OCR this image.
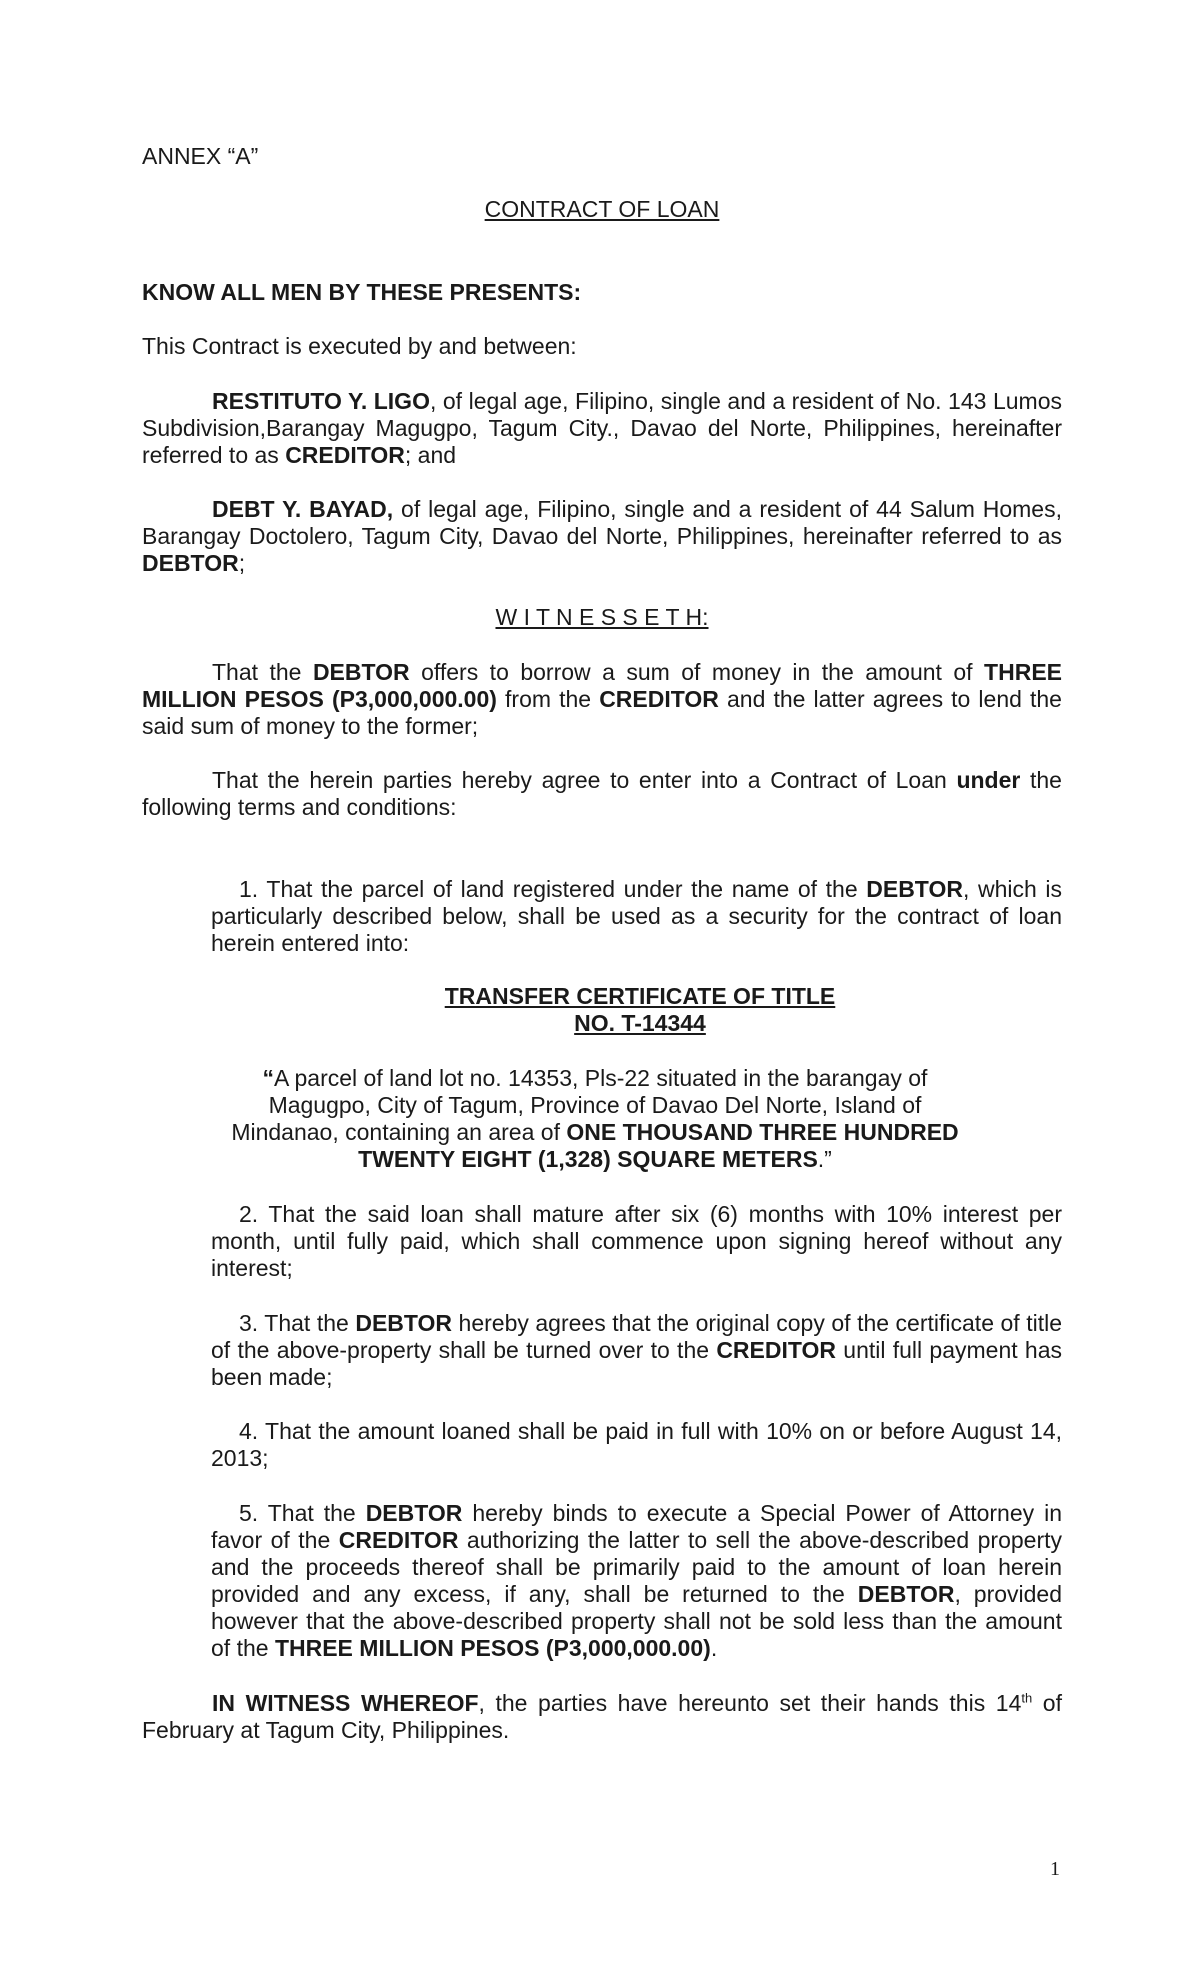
ANNEX “A”

CONTRACT OF LOAN

KNOW ALL MEN BY THESE PRESENTS:

This Contract is executed by and between:

RESTITUTO Y. LIGO, of legal age, Filipino, single and a resident of No. 143 Lumos Subdivision,Barangay Magugpo, Tagum City., Davao del Norte, Philippines, hereinafter referred to as CREDITOR; and

DEBT Y. BAYAD, of legal age, Filipino, single and a resident of 44 Salum Homes, Barangay Doctolero, Tagum City, Davao del Norte, Philippines, hereinafter referred to as DEBTOR;

W I T N E S S E T H:

That the DEBTOR offers to borrow a sum of money in the amount of THREE MILLION PESOS (P3,000,000.00) from the CREDITOR and the latter agrees to lend the said sum of money to the former;

That the herein parties hereby agree to enter into a Contract of Loan under the following terms and conditions:

1. That the parcel of land registered under the name of the DEBTOR, which is particularly described below, shall be used as a security for the contract of loan herein entered into:

TRANSFER CERTIFICATE OF TITLE
NO. T-14344

“A parcel of land lot no. 14353, Pls-22 situated in the barangay of Magugpo, City of Tagum, Province of Davao Del Norte, Island of Mindanao, containing an area of ONE THOUSAND THREE HUNDRED TWENTY EIGHT (1,328) SQUARE METERS.”

2. That the said loan shall mature after six (6) months with 10% interest per month, until fully paid, which shall commence upon signing hereof without any interest;
3. That the DEBTOR hereby agrees that the original copy of the certificate of title of the above-property shall be turned over to the CREDITOR until full payment has been made;
4. That the amount loaned shall be paid in full with 10% on or before August 14, 2013;
5. That the DEBTOR hereby binds to execute a Special Power of Attorney in favor of the CREDITOR authorizing the latter to sell the above-described property and the proceeds thereof shall be primarily paid to the amount of loan herein provided and any excess, if any, shall be returned to the DEBTOR, provided however that the above-described property shall not be sold less than the amount of the THREE MILLION PESOS (P3,000,000.00).

IN WITNESS WHEREOF, the parties have hereunto set their hands this 14th of February at Tagum City, Philippines.

1
